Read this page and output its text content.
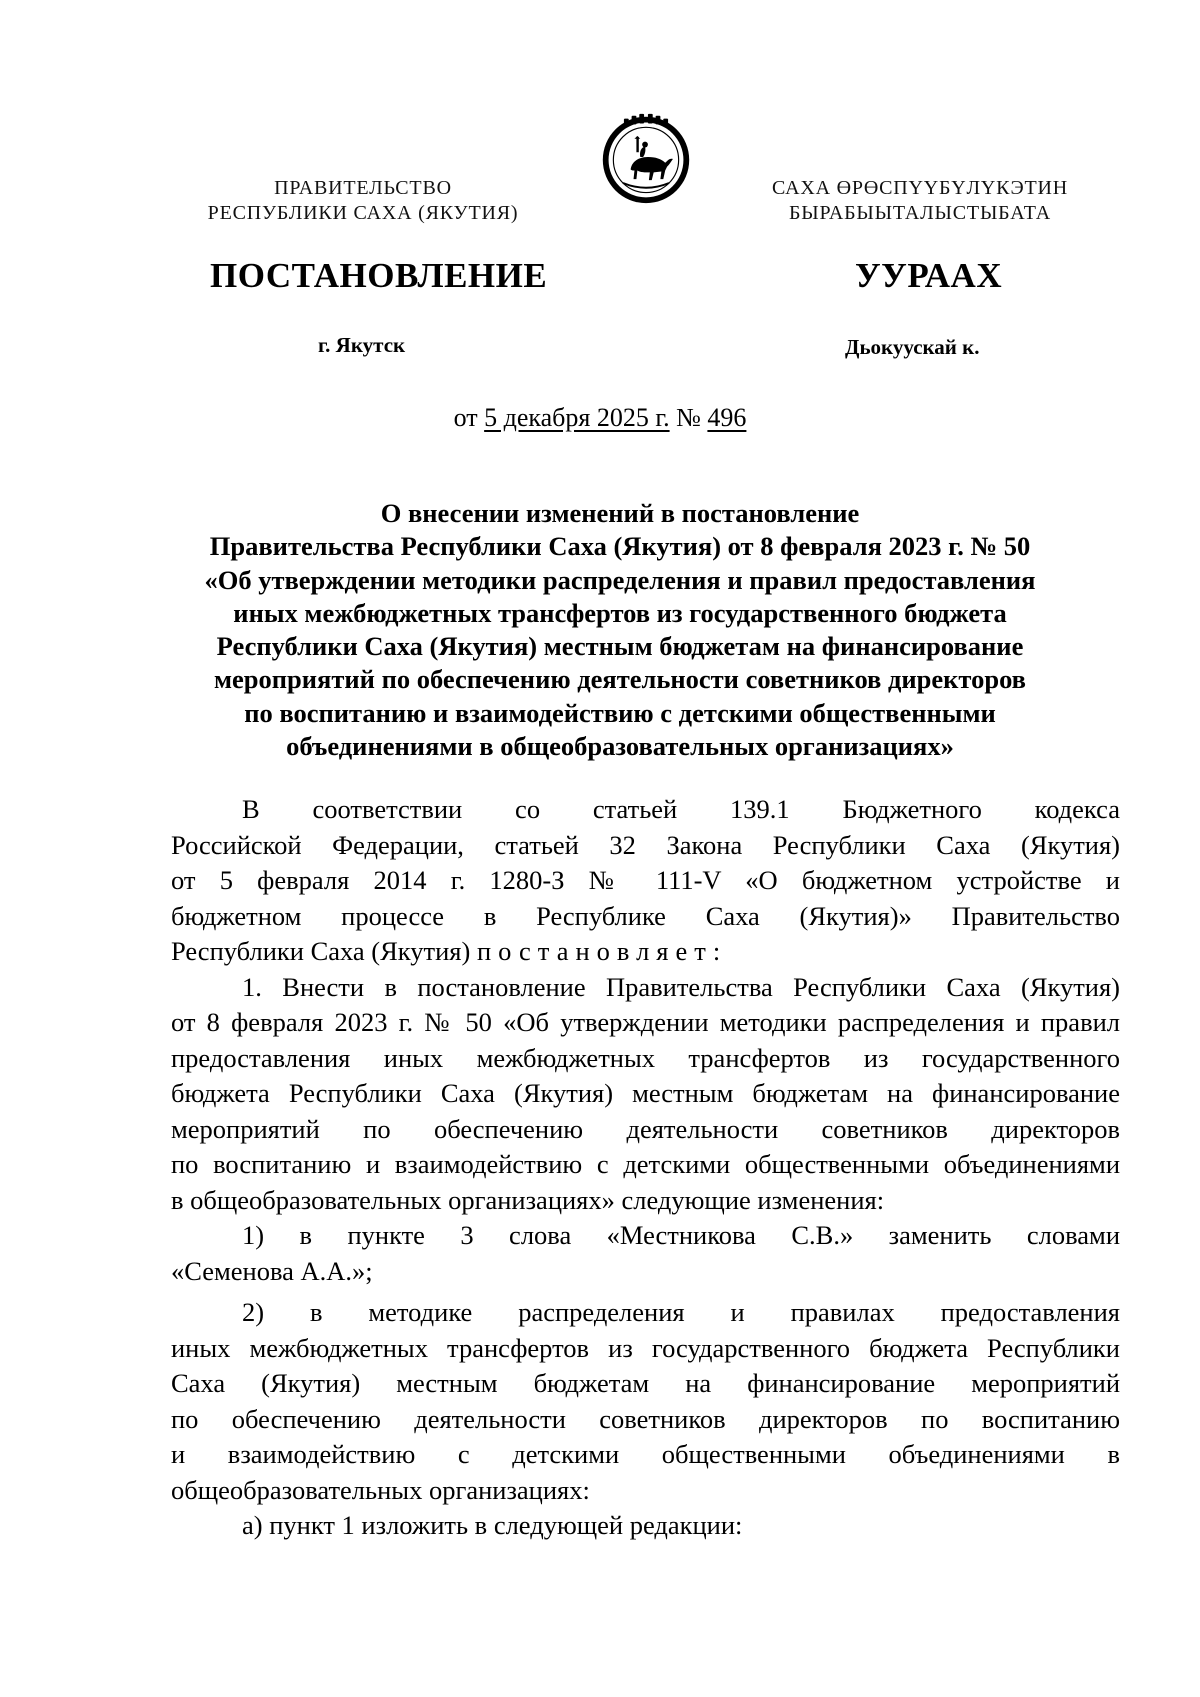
ПРАВИТЕЛЬСТВО
РЕСПУБЛИКИ САХА (ЯКУТИЯ)
САХА ӨРӨСПҮҮБҮЛҮКЭТИН
БЫРАБЫЫТАЛЫСТЫБАТА
ПОСТАНОВЛЕНИЕ	УУРААХ
г. Якутск	Дьокуускай к.
от 5 декабря 2025 г. № 496
О внесении изменений в постановление
Правительства Республики Саха (Якутия) от 8 февраля 2023 г. № 50
«Об утверждении методики распределения и правил предоставления
иных межбюджетных трансфертов из государственного бюджета
Республики Саха (Якутия) местным бюджетам на финансирование
мероприятий по обеспечению деятельности советников директоров
по воспитанию и взаимодействию с детскими общественными
объединениями в общеобразовательных организациях»
В соответствии со статьей 139.1 Бюджетного кодекса
Российской Федерации, статьей 32 Закона Республики Саха (Якутия)
от 5 февраля 2014 г. 1280-З № 111-V «О бюджетном устройстве и
бюджетном процессе в Республике Саха (Якутия)» Правительство
Республики Саха (Якутия) постановляет:
1. Внести в постановление Правительства Республики Саха (Якутия)
от 8 февраля 2023 г. № 50 «Об утверждении методики распределения и правил
предоставления иных межбюджетных трансфертов из государственного
бюджета Республики Саха (Якутия) местным бюджетам на финансирование
мероприятий по обеспечению деятельности советников директоров
по воспитанию и взаимодействию с детскими общественными объединениями
в общеобразовательных организациях» следующие изменения:
1) в пункте 3 слова «Местникова С.В.» заменить словами
«Семенова А.А.»;
2) в методике распределения и правилах предоставления
иных межбюджетных трансфертов из государственного бюджета Республики
Саха (Якутия) местным бюджетам на финансирование мероприятий
по обеспечению деятельности советников директоров по воспитанию
и взаимодействию с детскими общественными объединениями в
общеобразовательных организациях:
а) пункт 1 изложить в следующей редакции:
